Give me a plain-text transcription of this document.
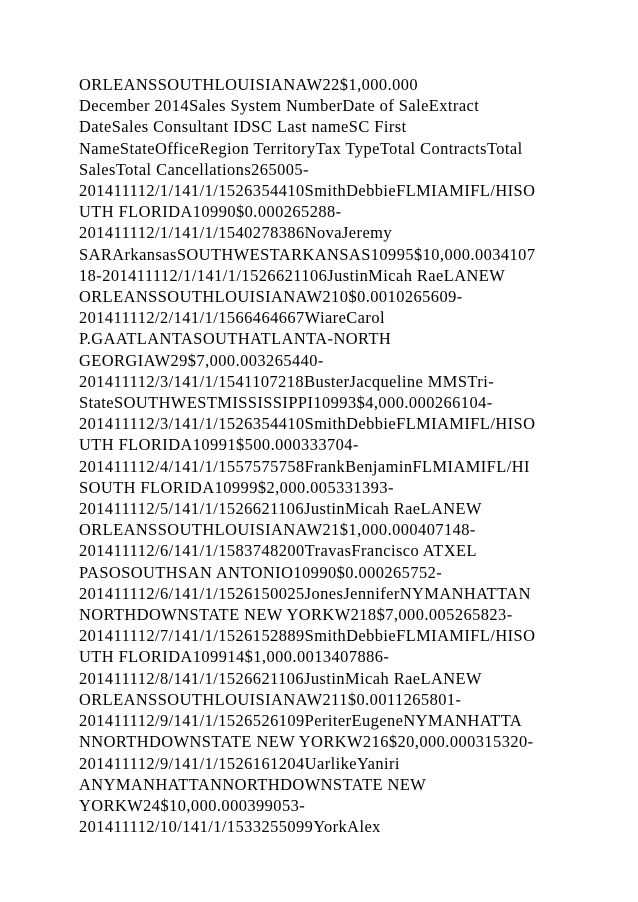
ORLEANSSOUTHLOUISIANAW22$1,000.000
December 2014Sales System NumberDate of SaleExtract
DateSales Consultant IDSC Last nameSC First
NameStateOfficeRegion TerritoryTax TypeTotal ContractsTotal
SalesTotal Cancellations265005-
201411112/1/141/1/1526354410SmithDebbieFLMIAMIFL/HISO
UTH FLORIDA10990$0.000265288-
201411112/1/141/1/1540278386NovaJeremy
SARArkansasSOUTHWESTARKANSAS10995$10,000.0034107
18-201411112/1/141/1/1526621106JustinMicah RaeLANEW
ORLEANSSOUTHLOUISIANAW210$0.0010265609-
201411112/2/141/1/1566464667WiareCarol
P.GAATLANTASOUTHATLANTA-NORTH
GEORGIAW29$7,000.003265440-
201411112/3/141/1/1541107218BusterJacqueline MMSTri-
StateSOUTHWESTMISSISSIPPI10993$4,000.000266104-
201411112/3/141/1/1526354410SmithDebbieFLMIAMIFL/HISO
UTH FLORIDA10991$500.000333704-
201411112/4/141/1/1557575758FrankBenjaminFLMIAMIFL/HI
SOUTH FLORIDA10999$2,000.005331393-
201411112/5/141/1/1526621106JustinMicah RaeLANEW
ORLEANSSOUTHLOUISIANAW21$1,000.000407148-
201411112/6/141/1/1583748200TravasFrancisco ATXEL
PASOSOUTHSAN ANTONIO10990$0.000265752-
201411112/6/141/1/1526150025JonesJenniferNYMANHATTAN
NORTHDOWNSTATE NEW YORKW218$7,000.005265823-
201411112/7/141/1/1526152889SmithDebbieFLMIAMIFL/HISO
UTH FLORIDA109914$1,000.0013407886-
201411112/8/141/1/1526621106JustinMicah RaeLANEW
ORLEANSSOUTHLOUISIANAW211$0.0011265801-
201411112/9/141/1/1526526109PeriterEugeneNYMANHATTA
NNORTHDOWNSTATE NEW YORKW216$20,000.000315320-
201411112/9/141/1/1526161204UarlikeYaniri
ANYMANHATTANNORTHDOWNSTATE NEW
YORKW24$10,000.000399053-
201411112/10/141/1/1533255099YorkAlex
